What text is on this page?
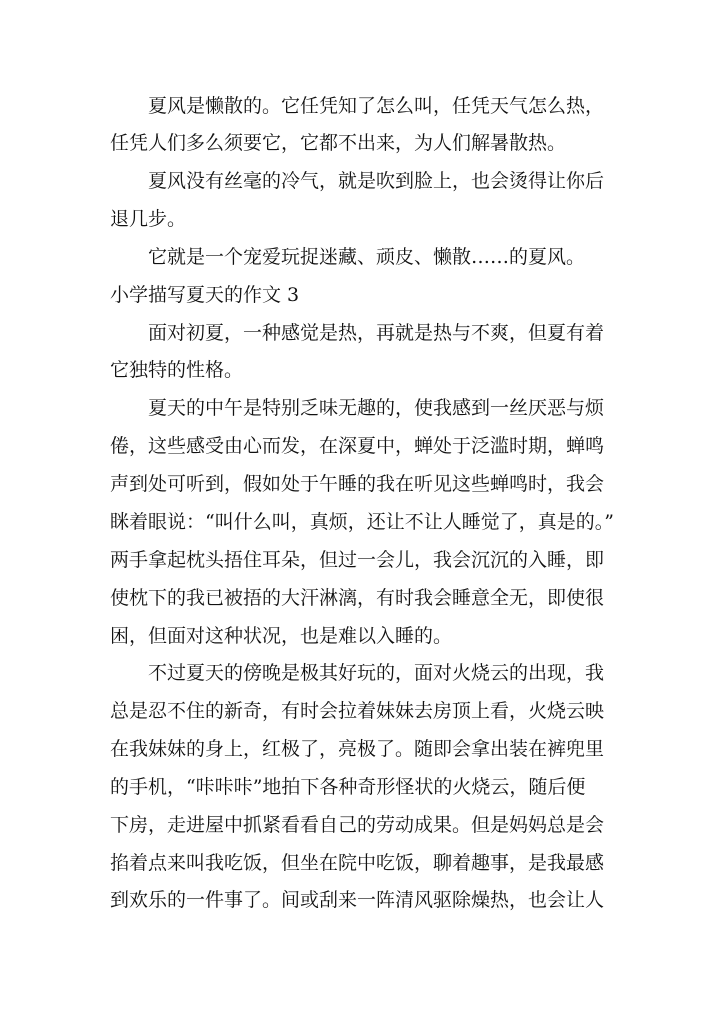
夏风是懒散的。它任凭知了怎么叫，任凭天气怎么热，
任凭人们多么须要它，它都不出来，为人们解暑散热。
夏风没有丝毫的冷气，就是吹到脸上，也会烫得让你后
退几步。
它就是一个宠爱玩捉迷藏、顽皮、懒散……的夏风。
小学描写夏天的作文 3
面对初夏，一种感觉是热，再就是热与不爽，但夏有着
它独特的性格。
夏天的中午是特别乏味无趣的，使我感到一丝厌恶与烦
倦，这些感受由心而发，在深夏中，蝉处于泛滥时期，蝉鸣
声到处可听到，假如处于午睡的我在听见这些蝉鸣时，我会
眯着眼说：“叫什么叫，真烦，还让不让人睡觉了，真是的。”
两手拿起枕头捂住耳朵，但过一会儿，我会沉沉的入睡，即
使枕下的我已被捂的大汗淋漓，有时我会睡意全无，即使很
困，但面对这种状况，也是难以入睡的。
不过夏天的傍晚是极其好玩的，面对火烧云的出现，我
总是忍不住的新奇，有时会拉着妹妹去房顶上看，火烧云映
在我妹妹的身上，红极了，亮极了。随即会拿出装在裤兜里
的手机，“咔咔咔”地拍下各种奇形怪状的火烧云，随后便
下房，走进屋中抓紧看看自己的劳动成果。但是妈妈总是会
掐着点来叫我吃饭，但坐在院中吃饭，聊着趣事，是我最感
到欢乐的一件事了。间或刮来一阵清风驱除燥热，也会让人
